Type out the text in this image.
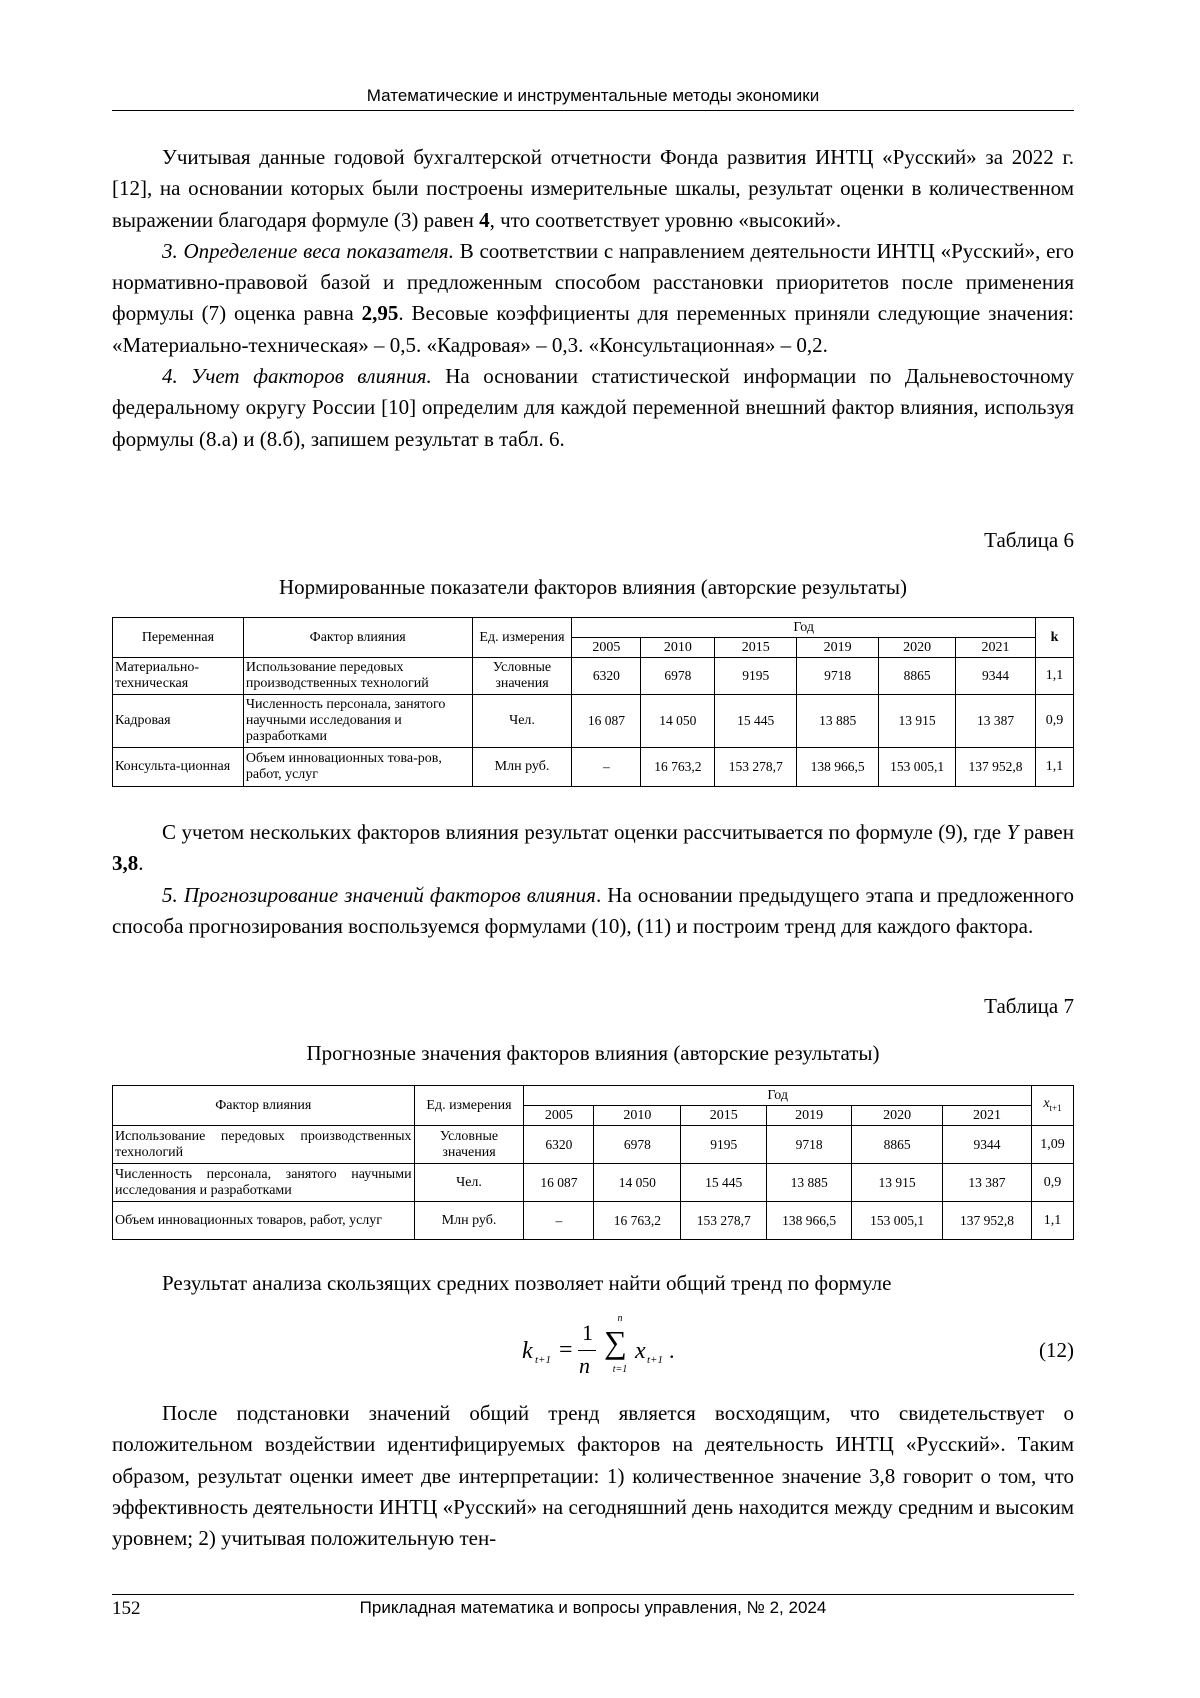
Математические и инструментальные методы экономики

Учитывая данные годовой бухгалтерской отчетности Фонда развития ИНТЦ «Русский» за 2022 г. [12], на основании которых были построены измерительные шкалы, результат оценки в количественном выражении благодаря формуле (3) равен 4, что соответствует уровню «высокий».

3. Определение веса показателя. В соответствии с направлением деятельности ИНТЦ «Русский», его нормативно-правовой базой и предложенным способом расстановки приоритетов после применения формулы (7) оценка равна 2,95. Весовые коэффициенты для переменных приняли следующие значения: «Материально-техническая» – 0,5. «Кадровая» – 0,3. «Консультационная» – 0,2.

4. Учет факторов влияния. На основании статистической информации по Дальневосточному федеральному округу России [10] определим для каждой переменной внешний фактор влияния, используя формулы (8.а) и (8.б), запишем результат в табл. 6.

Таблица 6
Нормированные показатели факторов влияния (авторские результаты)
Переменная	Фактор влияния	Ед. измерения	Год						k
			2005	2010	2015	2019	2020	2021	
Материально-техническая	Использование передовых производственных технологий	Условные значения	6320	6978	9195	9718	8865	9344	1,1
Кадровая	Численность персонала, занятого научными исследования и разработками	Чел.	16 087	14 050	15 445	13 885	13 915	13 387	0,9
Консульта-ционная	Объем инновационных това-ров, работ, услуг	Млн руб.	–	16 763,2	153 278,7	138 966,5	153 005,1	137 952,8	1,1

С учетом нескольких факторов влияния результат оценки рассчитывается по формуле (9), где Y равен 3,8.

5. Прогнозирование значений факторов влияния. На основании предыдущего этапа и предложенного способа прогнозирования воспользуемся формулами (10), (11) и построим тренд для каждого фактора.

Таблица 7
Прогнозные значения факторов влияния (авторские результаты)
Фактор влияния	Ед. измерения	Год						$x_{t+1}$
		2005	2010	2015	2019	2020	2021	
Использование передовых производственных технологий	Условные значения	6320	6978	9195	9718	8865	9344	1,09
Численность персонала, занятого научными исследования и разработками	Чел.	16 087	14 050	15 445	13 885	13 915	13 387	0,9
Объем инновационных товаров, работ, услуг	Млн руб.	–	16 763,2	153 278,7	138 966,5	153 005,1	137 952,8	1,1

Результат анализа скользящих средних позволяет найти общий тренд по формуле

k t+1 =
1
n
n
∑
t=1
x t+1 .	(12)

После подстановки значений общий тренд является восходящим, что свидетельствует о положительном воздействии идентифицируемых факторов на деятельность ИНТЦ «Русский». Таким образом, результат оценки имеет две интерпретации: 1) количественное значение 3,8 говорит о том, что эффективность деятельности ИНТЦ «Русский» на сегодняшний день находится между средним и высоким уровнем; 2) учитывая положительную тен-

152	Прикладная математика и вопросы управления, № 2, 2024
